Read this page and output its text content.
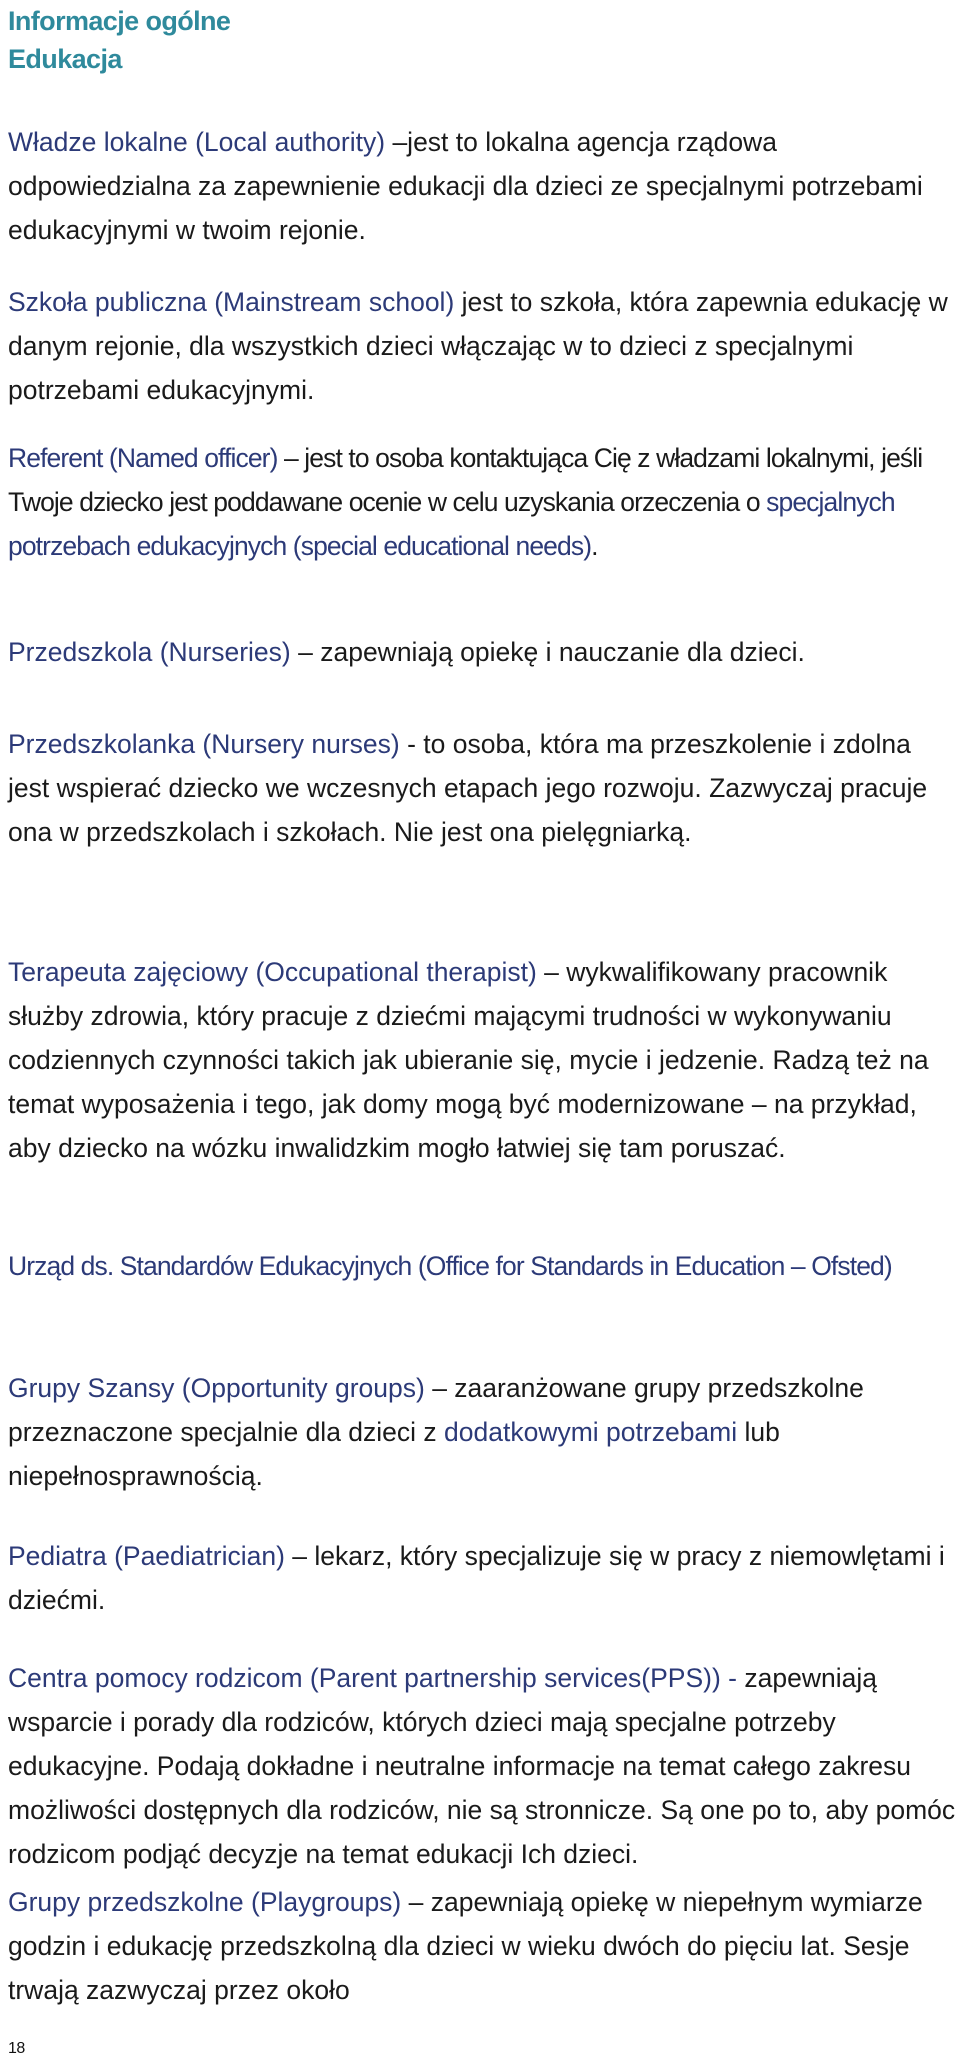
Informacje ogólne
Edukacja

Władze lokalne (Local authority) –jest to lokalna agencja rządowa odpowiedzialna za zapewnienie edukacji dla dzieci ze specjalnymi potrzebami edukacyjnymi w twoim rejonie.

Szkoła publiczna (Mainstream school) jest to szkoła, która zapewnia edukację w danym rejonie, dla wszystkich dzieci włączając w to dzieci z specjalnymi potrzebami edukacyjnymi.

Referent (Named officer) – jest to osoba kontaktująca Cię z władzami lokalnymi, jeśli Twoje dziecko jest poddawane ocenie w celu uzyskania orzeczenia o specjalnych potrzebach edukacyjnych (special educational needs).

Przedszkola (Nurseries) – zapewniają opiekę i nauczanie dla dzieci.

Przedszkolanka (Nursery nurses) - to osoba, która ma przeszkolenie i zdolna jest wspierać dziecko we wczesnych etapach jego rozwoju. Zazwyczaj pracuje ona w przedszkolach i szkołach. Nie jest ona pielęgniarką.

Terapeuta zajęciowy (Occupational therapist) – wykwalifikowany pracownik służby zdrowia, który pracuje z dziećmi mającymi trudności w wykonywaniu codziennych czynności takich jak ubieranie się, mycie i jedzenie. Radzą też na temat wyposażenia i tego, jak domy mogą być modernizowane – na przykład, aby dziecko na wózku inwalidzkim mogło łatwiej się tam poruszać.

Urząd ds. Standardów Edukacyjnych (Office for Standards in Education – Ofsted)

Grupy Szansy (Opportunity groups) – zaaranżowane grupy przedszkolne przeznaczone specjalnie dla dzieci z dodatkowymi potrzebami lub niepełnosprawnością.

Pediatra (Paediatrician) – lekarz, który specjalizuje się w pracy z niemowlętami i dziećmi.

Centra pomocy rodzicom (Parent partnership services(PPS)) - zapewniają wsparcie i porady dla rodziców, których dzieci mają specjalne potrzeby edukacyjne. Podają dokładne i neutralne informacje na temat całego zakresu możliwości dostępnych dla rodziców, nie są stronnicze. Są one po to, aby pomóc rodzicom podjąć decyzje na temat edukacji Ich dzieci.

Grupy przedszkolne (Playgroups) – zapewniają opiekę w niepełnym wymiarze godzin i edukację przedszkolną dla dzieci w wieku dwóch do pięciu lat. Sesje trwają zazwyczaj przez około

18
